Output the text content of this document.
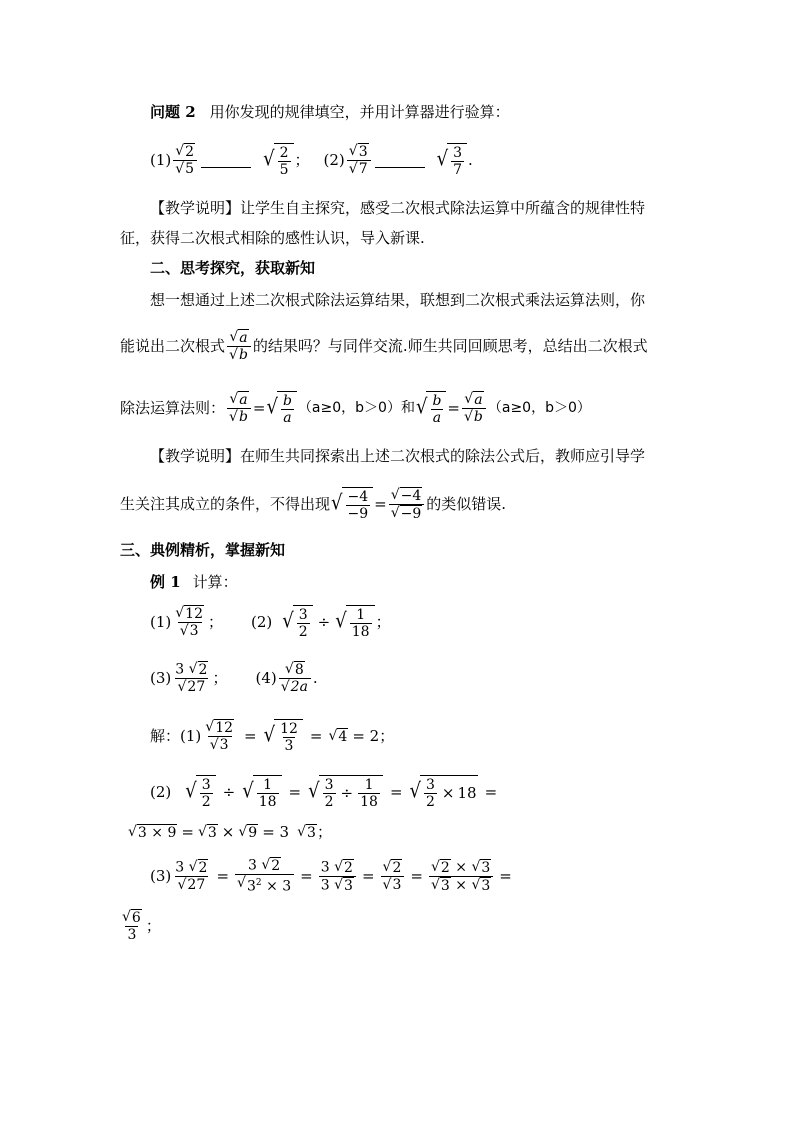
问题 2 用你发现的规律填空，并用计算器进行验算：
$(1) \frac{√ 2}{√ 5}$	√ $\frac{2}{5}$ ； $(2) \frac{√ 3}{√ 7}$	√ $\frac{3}{7}$ .
【教学说明】让学生自主探究，感受二次根式除法运算中所蕴含的规律性特
征，获得二次根式相除的感性认识，导入新课.
二、思考探究，获取新知
想一想通过上述二次根式除法运算结果，联想到二次根式乘法运算法则，你
能说出二次根式 $\frac{√ a}{√ b}$ 的结果吗？与同伴交流.师生共同回顾思考，总结出二次根式
除法运算法则： $\frac{√ a}{√ b}$ = √ $\frac{b}{a} (a\ge 0$，b＞0）和 √ $\frac{b}{a} = \frac{√ a}{√ b} (a\ge 0$，b＞0）
【教学说明】在师生共同探索出上述二次根式的除法公式后，教师应引导学
生关注其成立的条件，不得出现 √ $\frac{-4}{-9} = \frac{√ -4}{√ -9}$ 的类似错误.
三、典例精析，掌握新知
例 1 计算：
$(1) \frac{√ 12}{√ 3}$ ； (2) √ $\frac{3}{2}$ ÷ √ $\frac{1}{18}$ ；
$(3) \frac{3 √ 2}{√ 27}$ ； $(4) \frac{√ 8}{√ 2a}$ .
解： $(1) \frac{√ 12}{√ 3}$ = √ $\frac{12}{3}$ = √ 4 = 2；
(2) √ $\frac{3}{2}$ ÷ √ $\frac{1}{18}$ = √ $\frac{3}{2} \div \frac{1}{18}$ = √ $\frac{3}{2} \times 18$ =
√ 3 × 9 = √ 3 × √ 9 = 3 √ 3 ；
$(3) \frac{3 √ 2}{√ 27} = \frac{3 √ 2}{√ 3^2 \times 3} = \frac{3 √ 2}{3 √ 3} = \frac{√ 2}{√ 3} = \frac{√ 2 \times √ 3}{√ 3 \times √ 3}$ =
$\frac{√ 6}{3}$ ；
